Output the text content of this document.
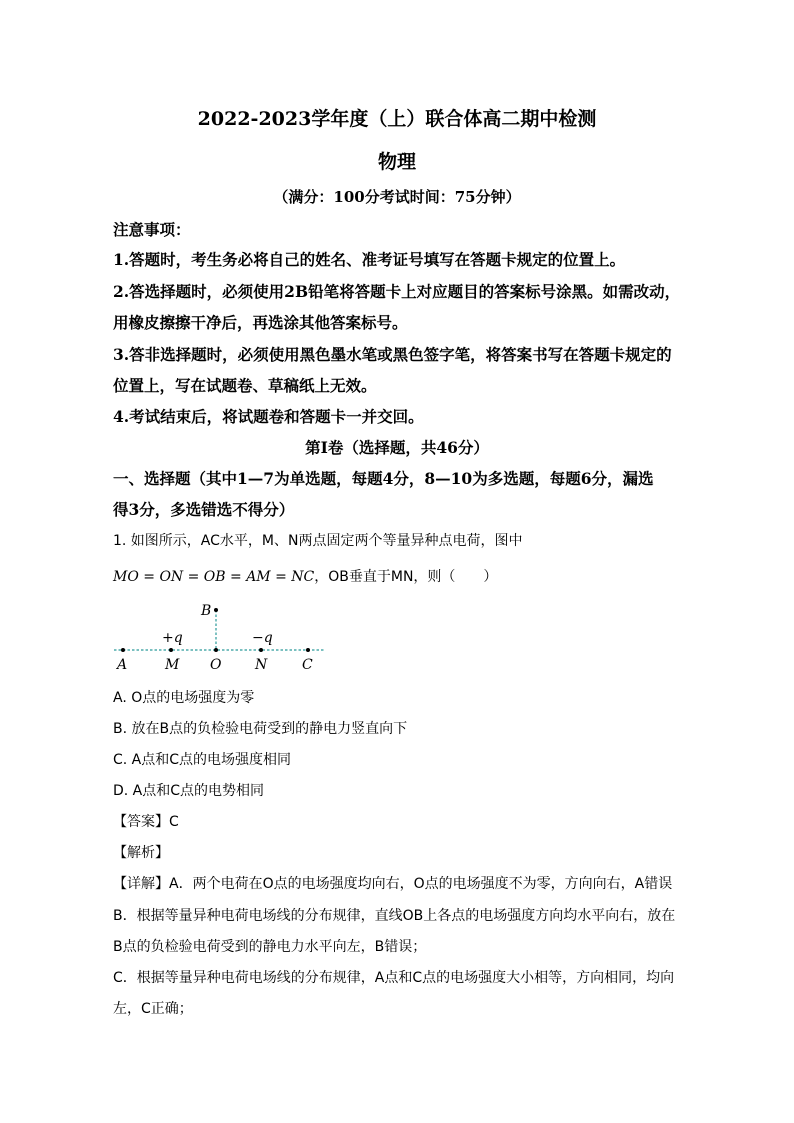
2022-2023学年度（上）联合体高二期中检测
物理
（满分：100分考试时间：75分钟）
注意事项：
1.答题时，考生务必将自己的姓名、准考证号填写在答题卡规定的位置上。
2.答选择题时，必须使用2B铅笔将答题卡上对应题目的答案标号涂黑。如需改动，
用橡皮擦擦干净后，再选涂其他答案标号。
3.答非选择题时，必须使用黑色墨水笔或黑色签字笔，将答案书写在答题卡规定的
位置上，写在试题卷、草稿纸上无效。
4.考试结束后，将试题卷和答题卡一并交回。
第I卷（选择题，共46分）
一、选择题（其中1—7为单选题，每题4分，8—10为多选题，每题6分，漏选
得3分，多选错选不得分）
1. 如图所示，AC水平，M、N两点固定两个等量异种点电荷，图中
MO = ON = OB = AM = NC，OB垂直于MN，则（　　）
B
+q	−q
A	M O N C
A. O点的电场强度为零
B. 放在B点的负检验电荷受到的静电力竖直向下
C. A点和C点的电场强度相同
D. A点和C点的电势相同
【答案】C
【解析】
【详解】A．两个电荷在O点的电场强度均向右，O点的电场强度不为零，方向向右，A错误
B．根据等量异种电荷电场线的分布规律，直线OB上各点的电场强度方向均水平向右，放在
B点的负检验电荷受到的静电力水平向左，B错误；
C．根据等量异种电荷电场线的分布规律，A点和C点的电场强度大小相等，方向相同，均向
左，C正确；
